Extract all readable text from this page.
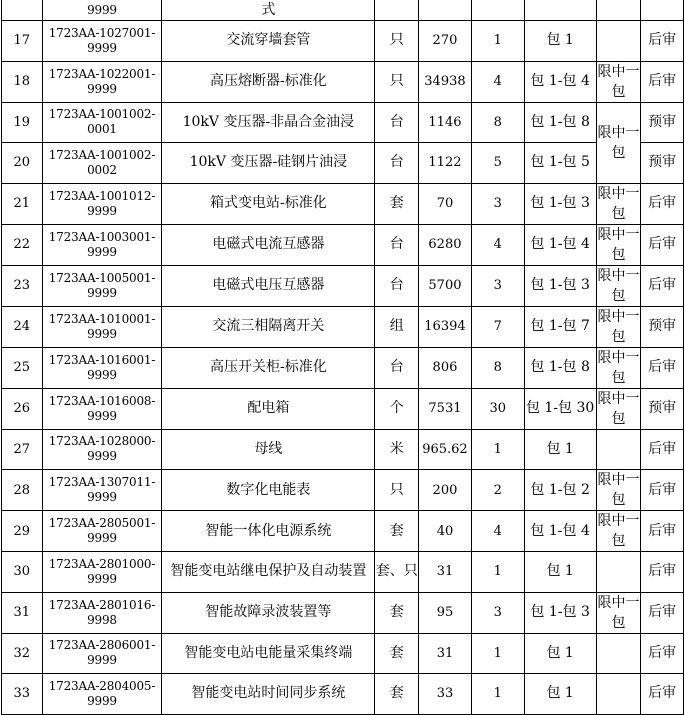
	9999	式						
17	1723AA-1027001-9999	交流穿墙套管	只	270	1	包 1		后审
18	1723AA-1022001-9999	高压熔断器-标准化	只	34938	4	包 1-包 4	限中一包	后审
19	1723AA-1001002-0001	10kV 变压器-非晶合金油浸	台	1146	8	包 1-包 8	限中一包	预审
20	1723AA-1001002-0002	10kV 变压器-硅钢片油浸	台	1122	5	包 1-包 5		预审
21	1723AA-1001012-9999	箱式变电站-标准化	套	70	3	包 1-包 3	限中一包	后审
22	1723AA-1003001-9999	电磁式电流互感器	台	6280	4	包 1-包 4	限中一包	后审
23	1723AA-1005001-9999	电磁式电压互感器	台	5700	3	包 1-包 3	限中一包	后审
24	1723AA-1010001-9999	交流三相隔离开关	组	16394	7	包 1-包 7	限中一包	预审
25	1723AA-1016001-9999	高压开关柜-标准化	台	806	8	包 1-包 8	限中一包	后审
26	1723AA-1016008-9999	配电箱	个	7531	30	包 1-包 30	限中一包	预审
27	1723AA-1028000-9999	母线	米	965.62	1	包 1		后审
28	1723AA-1307011-9999	数字化电能表	只	200	2	包 1-包 2	限中一包	后审
29	1723AA-2805001-9999	智能一体化电源系统	套	40	4	包 1-包 4	限中一包	后审
30	1723AA-2801000-9999	智能变电站继电保护及自动装置	套、只	31	1	包 1		后审
31	1723AA-2801016-9998	智能故障录波装置等	套	95	3	包 1-包 3	限中一包	后审
32	1723AA-2806001-9999	智能变电站电能量采集终端	套	31	1	包 1		后审
33	1723AA-2804005-9999	智能变电站时间同步系统	套	33	1	包 1		后审
